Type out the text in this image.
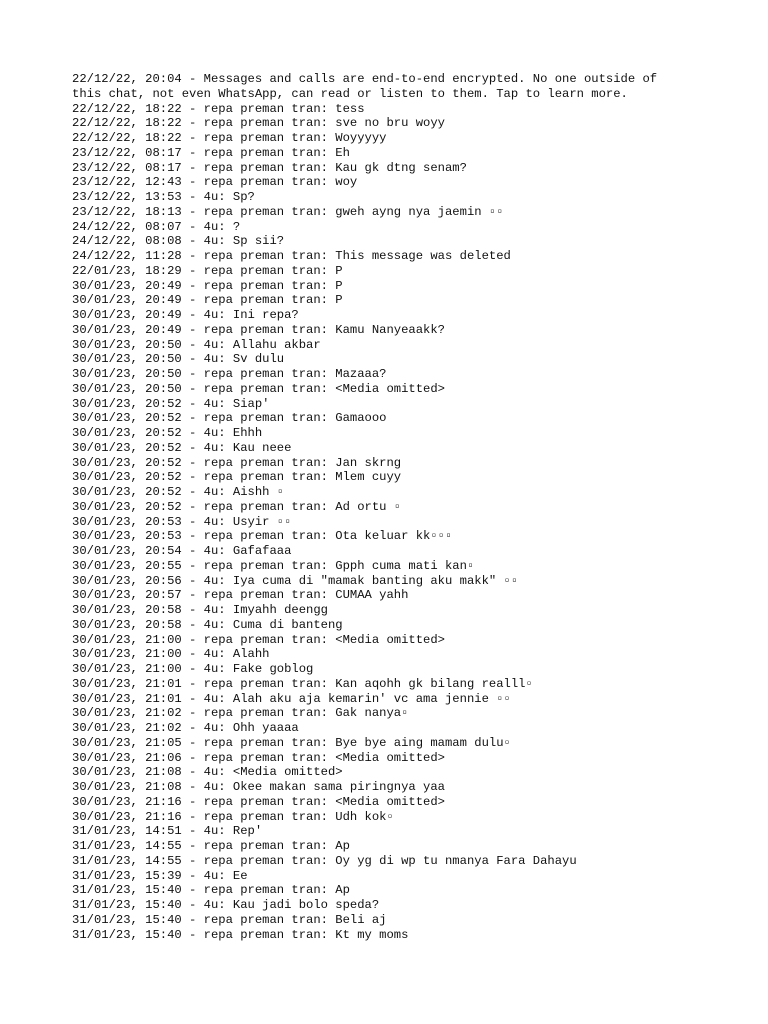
22/12/22, 20:04 - Messages and calls are end-to-end encrypted. No one outside of
this chat, not even WhatsApp, can read or listen to them. Tap to learn more.
22/12/22, 18:22 - repa preman tran: tess
22/12/22, 18:22 - repa preman tran: sve no bru woyy
22/12/22, 18:22 - repa preman tran: Woyyyyy
23/12/22, 08:17 - repa preman tran: Eh
23/12/22, 08:17 - repa preman tran: Kau gk dtng senam?
23/12/22, 12:43 - repa preman tran: woy
23/12/22, 13:53 - 4u: Sp?
23/12/22, 18:13 - repa preman tran: gweh ayng nya jaemin ▫▫
24/12/22, 08:07 - 4u: ?
24/12/22, 08:08 - 4u: Sp sii?
24/12/22, 11:28 - repa preman tran: This message was deleted
22/01/23, 18:29 - repa preman tran: P
30/01/23, 20:49 - repa preman tran: P
30/01/23, 20:49 - repa preman tran: P
30/01/23, 20:49 - 4u: Ini repa?
30/01/23, 20:49 - repa preman tran: Kamu Nanyeaakk?
30/01/23, 20:50 - 4u: Allahu akbar
30/01/23, 20:50 - 4u: Sv dulu
30/01/23, 20:50 - repa preman tran: Mazaaa?
30/01/23, 20:50 - repa preman tran: <Media omitted>
30/01/23, 20:52 - 4u: Siap'
30/01/23, 20:52 - repa preman tran: Gamaooo
30/01/23, 20:52 - 4u: Ehhh
30/01/23, 20:52 - 4u: Kau neee
30/01/23, 20:52 - repa preman tran: Jan skrng
30/01/23, 20:52 - repa preman tran: Mlem cuyy
30/01/23, 20:52 - 4u: Aishh ▫
30/01/23, 20:52 - repa preman tran: Ad ortu ▫
30/01/23, 20:53 - 4u: Usyir ▫▫
30/01/23, 20:53 - repa preman tran: Ota keluar kk▫▫▫
30/01/23, 20:54 - 4u: Gafafaaa
30/01/23, 20:55 - repa preman tran: Gpph cuma mati kan▫
30/01/23, 20:56 - 4u: Iya cuma di "mamak banting aku makk" ▫▫
30/01/23, 20:57 - repa preman tran: CUMAA yahh
30/01/23, 20:58 - 4u: Imyahh deengg
30/01/23, 20:58 - 4u: Cuma di banteng
30/01/23, 21:00 - repa preman tran: <Media omitted>
30/01/23, 21:00 - 4u: Alahh
30/01/23, 21:00 - 4u: Fake goblog
30/01/23, 21:01 - repa preman tran: Kan aqohh gk bilang realll▫
30/01/23, 21:01 - 4u: Alah aku aja kemarin' vc ama jennie ▫▫
30/01/23, 21:02 - repa preman tran: Gak nanya▫
30/01/23, 21:02 - 4u: Ohh yaaaa
30/01/23, 21:05 - repa preman tran: Bye bye aing mamam dulu▫
30/01/23, 21:06 - repa preman tran: <Media omitted>
30/01/23, 21:08 - 4u: <Media omitted>
30/01/23, 21:08 - 4u: Okee makan sama piringnya yaa
30/01/23, 21:16 - repa preman tran: <Media omitted>
30/01/23, 21:16 - repa preman tran: Udh kok▫
31/01/23, 14:51 - 4u: Rep'
31/01/23, 14:55 - repa preman tran: Ap
31/01/23, 14:55 - repa preman tran: Oy yg di wp tu nmanya Fara Dahayu
31/01/23, 15:39 - 4u: Ee
31/01/23, 15:40 - repa preman tran: Ap
31/01/23, 15:40 - 4u: Kau jadi bolo speda?
31/01/23, 15:40 - repa preman tran: Beli aj
31/01/23, 15:40 - repa preman tran: Kt my moms
